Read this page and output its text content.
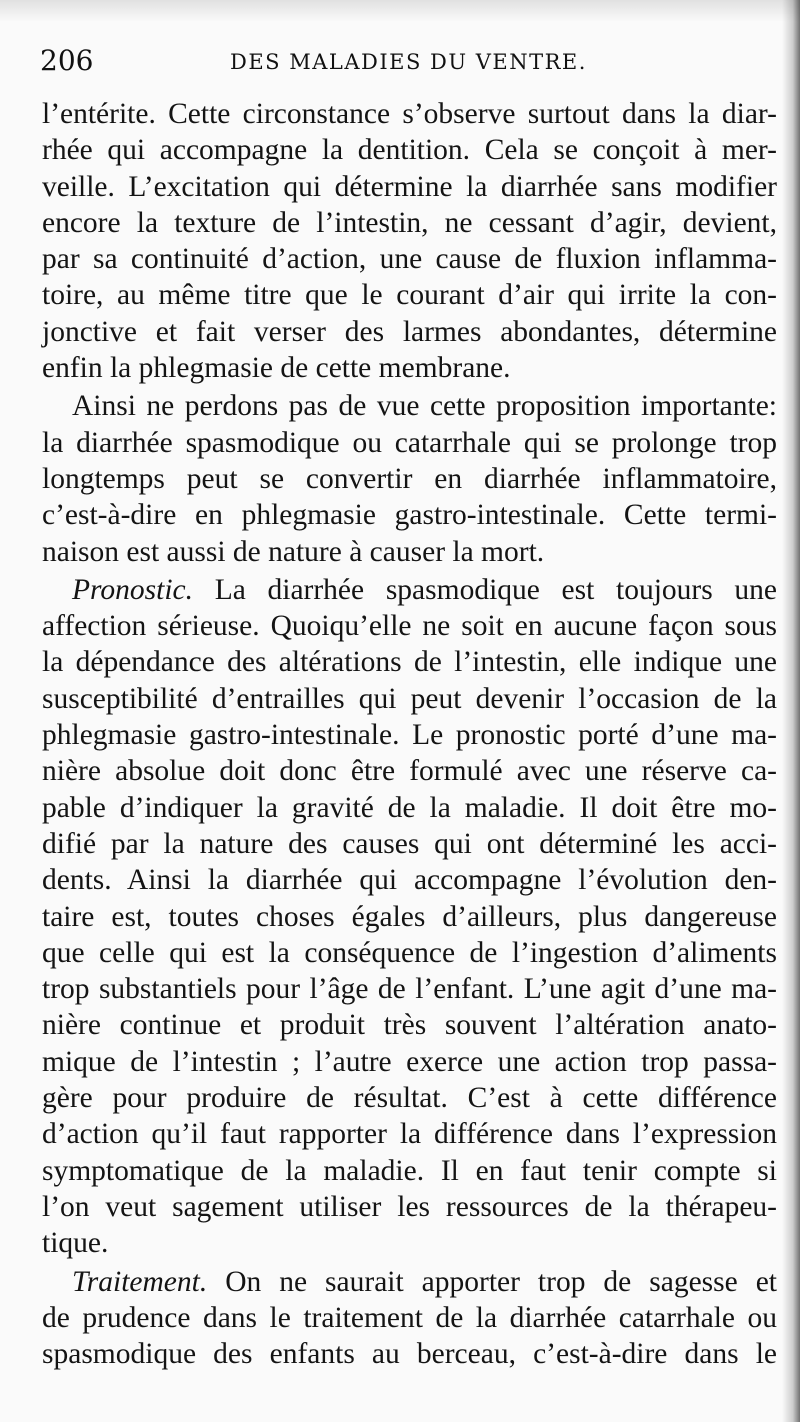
206	DES MALADIES DU VENTRE.
l’entérite. Cette circonstance s’observe surtout dans la diar-
rhée qui accompagne la dentition. Cela se conçoit à mer-
veille. L’excitation qui détermine la diarrhée sans modifier
encore la texture de l’intestin, ne cessant d’agir, devient,
par sa continuité d’action, une cause de fluxion inflamma-
toire, au même titre que le courant d’air qui irrite la con-
jonctive et fait verser des larmes abondantes, détermine
enfin la phlegmasie de cette membrane.
Ainsi ne perdons pas de vue cette proposition importante:
la diarrhée spasmodique ou catarrhale qui se prolonge trop
longtemps peut se convertir en diarrhée inflammatoire,
c’est-à-dire en phlegmasie gastro-intestinale. Cette termi-
naison est aussi de nature à causer la mort.
Pronostic. La diarrhée spasmodique est toujours une
affection sérieuse. Quoiqu’elle ne soit en aucune façon sous
la dépendance des altérations de l’intestin, elle indique une
susceptibilité d’entrailles qui peut devenir l’occasion de la
phlegmasie gastro-intestinale. Le pronostic porté d’une ma-
nière absolue doit donc être formulé avec une réserve ca-
pable d’indiquer la gravité de la maladie. Il doit être mo-
difié par la nature des causes qui ont déterminé les acci-
dents. Ainsi la diarrhée qui accompagne l’évolution den-
taire est, toutes choses égales d’ailleurs, plus dangereuse
que celle qui est la conséquence de l’ingestion d’aliments
trop substantiels pour l’âge de l’enfant. L’une agit d’une ma-
nière continue et produit très souvent l’altération anato-
mique de l’intestin ; l’autre exerce une action trop passa-
gère pour produire de résultat. C’est à cette différence
d’action qu’il faut rapporter la différence dans l’expression
symptomatique de la maladie. Il en faut tenir compte si
l’on veut sagement utiliser les ressources de la thérapeu-
tique.
Traitement. On ne saurait apporter trop de sagesse et
de prudence dans le traitement de la diarrhée catarrhale ou
spasmodique des enfants au berceau, c’est-à-dire dans le
